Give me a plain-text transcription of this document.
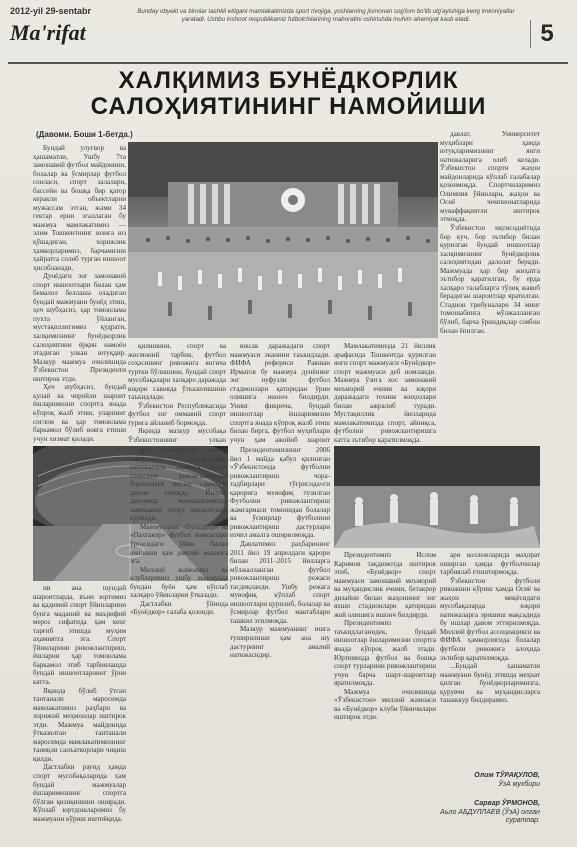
2012-yil 29-sentabr
Ma'rifat
Bunday obyekt va binolar tashkil etilgani mamlakatimizda sport rivojiga, yoshlarning jismonan sog'lom bo'lib ulg'ayishiga keng imkoniyatlar yaratadi. Ushbu inshoot respublikamiz futbolchilarining mahoratini oshirishda muhim ahamiyat kasb etadi.
5
ХАЛҚИМИЗ БУНЁДКОРЛИК
САЛОҲИЯТИНИНГ НАМОЙИШИ
(Давоми. Боши 1-бетда.)

Бундай улуғвор ва ҳашаматли, Ушбу 7та замонавий футбол майдонини, болалар ва ўсмирлар футбол сонласи, спорт залалари, бассейн ва бошқа бир қатор керакли объектларни мужассам этган, жами 34 гектар ерни эгаллаган бу мажмуа мамлакатимиз — элим Тошкентнинг юзига юз қўшадиган, хорижлик ҳамкорларимиз, барчамизни ҳайратга солиб турган иншоот ҳисобланади.

Дунёдаги энг замонавий спорт иншоотлари билан ҳам бемалол беллаша оладиган бундай мажмуани бунёд этиш, ҳеч шубҳасиз, ҳар томонлама пухта ўйланган, мустақиллигимиз қудрати, халқимизнинг бунёдкорлик салоҳиятини ёрқин намоён этадиган улкан ютуқдир. Мазкур мажмуа очилишида Ўзбекистон Президенти иштирок этди.

Ҳеч шубҳасиз, бундай қулай ва чиройли шароит ёшларимизни спортга янада кўпроқ жалб этиш, уларнинг соғлом ва ҳар томонлама баркамол бўлиб вояга етиши учун хизмат қилади.

давлат, Университет муҳиблари ҳамда ютуқларимизнинг янги натижаларига олиб келади. Ўзбекистон спорти жаҳон майдонларида кўплаб ғалабалар қозонмоқда. Спортчиларимиз Олимпия ўйинлари, жаҳон ва Осиё чемпионатларида муваффақиятли иштирок этмоқда.

Ўзбекистон иқтисодиётида бор куч, бор эътибор билан қурилган бундай иншоотлар халқимизнинг бунёдкорлик салоҳиятидан далолат беради. Мажмуада ҳар бир жиҳатга эътибор қаратилган, бу ерда халқаро талабларга тўлиқ жавоб берадиган шароитлар яратилган. Стадион трибуналари 34 минг томошабинга мўлжалланган бўлиб, барча ўриндиқлар соябон билан ёпилган.

қилишини, спорт ва жисмоний тарбия, футбол соҳасининг ривожига янгича туртки бўлишини, бундай спорт мусобақалари халқаро даражада юқори савияда ўтказилишини таъкидлади.

Ўзбекистон Республикасида футбол энг оммавий спорт турига айланиб бормоқда.

Яқинда мазкур мусобақа Ўзбекистоннинг улкан

юксак даражадаги спорт мажмуаси эканини таъкидлади. ФИФА рефериси Равшан Ирматов бу мажмуа дунёнинг энг нуфузли футбол стадионлари қаторидан ўрин олишига ишонч билдирди. Унинг фикрича, бундай иншоотлар ёшларимизни спортга янада кўпроқ жалб этиш билан бирга, футбол муҳиблари учун ҳам ажойиб шароит

Мамлакатимизда 21 йиллик арафасида Тошкентда қурилган янги спорт мажмуаси «Бунёдкор» спорт мажмуаси деб номланди. Мажмуа ўзига хос замонавий меъморий ечими ва юқори даражадаги техник жиҳозлари билан ажралиб туради. Мустақиллик йилларида мамлакатимизда спорт, айниқса, футболни ривожлантиришга катта эътибор қаратилмоқда.

ни ана шундай шароитларда, яъни юртимиз ва қадимий спорт ўйинларини бунга маданий ва маърифий мерос сифатида ҳам кенг тарғиб этишда муҳим аҳамиятга эга. Спорт ўйинларини ривожлантириш, ёшларни ҳар томонлама баркамол этиб тарбиялашда бундай иншоотларнинг ўрни катта.

Яқинда бўлиб ўтган тантанали маросимда мамлакатимиз раҳбари ва хорижий меҳмонлар иштирок этди. Мажмуа майдонида ўтказилган тантанали маросимда мамлакатимизнинг таниқли санъаткорлари чиқиш қилди.

Дастлабки раунд ҳамда спорт мусобақаларида ҳам бундай мажмуалар ёшларимизнинг спортга бўлган қизиқишини оширади. Кўплаб юртдошларимиз бу мажмуани кўриш иштиёқида.

иоб иншоотлар, амалга оширилган ислоҳотлар натижасида, айниқса, спорт соҳасини ривожлантириш борасидаги ишлар самарали давом этмоқда. Йиллар давомида мамлакатимизда замонавий спорт иншоотлари қурилди.

Мажмуанинг «Бунёдкор» ва «Пахтакор» футбол жамоалари ўртасидаги ўйин билан очилиши ҳам рамзий маънога эга.

Миллий жамоамиз ва клубларимиз ушбу мажмуада бундан буён ҳам кўплаб халқаро ўйинларни ўтказади.

Дастлабки ўйинда «Бунёдкор» ғалаба қозонди.

Президентимизнинг 2006 йил 1 майда қабул қилинган «Ўзбекистонда футболни ривожлантириш чора-тадбирлари тўғрисида»ги қарорига мувофиқ тузилган Футболни ривожлантириш жамғармаси томонидан болалар ва ўсмирлар футболини ривожлантириш дастурлари изчил амалга оширилмоқда.

Давлатимиз раҳбарининг 2011 йил 19 апрелдаги қарори билан 2011–2015 йилларга мўлжалланган футбол ривожлантириш режаси тасдиқланди. Ушбу режага мувофиқ кўплаб спорт иншоотлари қурилиб, болалар ва ўсмирлар футбол мактаблари ташкил этилмоқда.

Мазкур мажмуанинг ишга туширилиши ҳам ана шу дастурнинг амалий натижасидир.

Президентимиз Ислом Каримов тақдимотда иштирок этиб, «Бунёдкор» спорт мажмуаси замонавий меъморий ва муҳандислик ечими, бетакрор дизайни билан жаҳоннинг энг яхши стадионлари қаторидан жой олишига ишонч билдирди.

Президентимиз таъкидлаганидек, бундай иншоотлар ёшларимизни спортга янада кўпроқ жалб этади. Юртимизда футбол ва бошқа спорт турларини ривожлантириш учун барча шарт-шароитлар яратилмоқда.

Мажмуа очилишида «Ўзбекистон» миллий жамоаси ва «Бунёдкор» клуби ўйинчилари иштирок этди.

ари коллежларида маҳорат оширган ҳамда футболчилар тарбиялаб етиштирмоқда.

Ўзбекистон футболи ривожини кўриш ҳамда Осиё ва жаҳон миқёсидаги мусобақаларда юқори натижаларга эришиш мақсадида бу ишлар давом эттирилмоқда. Миллий футбол ассоциацияси ва ФИФА ҳамкорлигида болалар футболи ривожига алоҳида эътибор қаратилмоқда.

...Бундай ҳашаматли мажмуани бунёд этишда меҳнат қилган бунёдкорларимизга, қурувчи ва муҳандисларга ташаккур билдирамиз.

Олим ТЎРАҚУЛОВ,
ЎзА мухбири
Сарвар ЎРМОНОВ,
Аьло АБДУЛЛАЕВ (ЎзА) олган суратлар.
